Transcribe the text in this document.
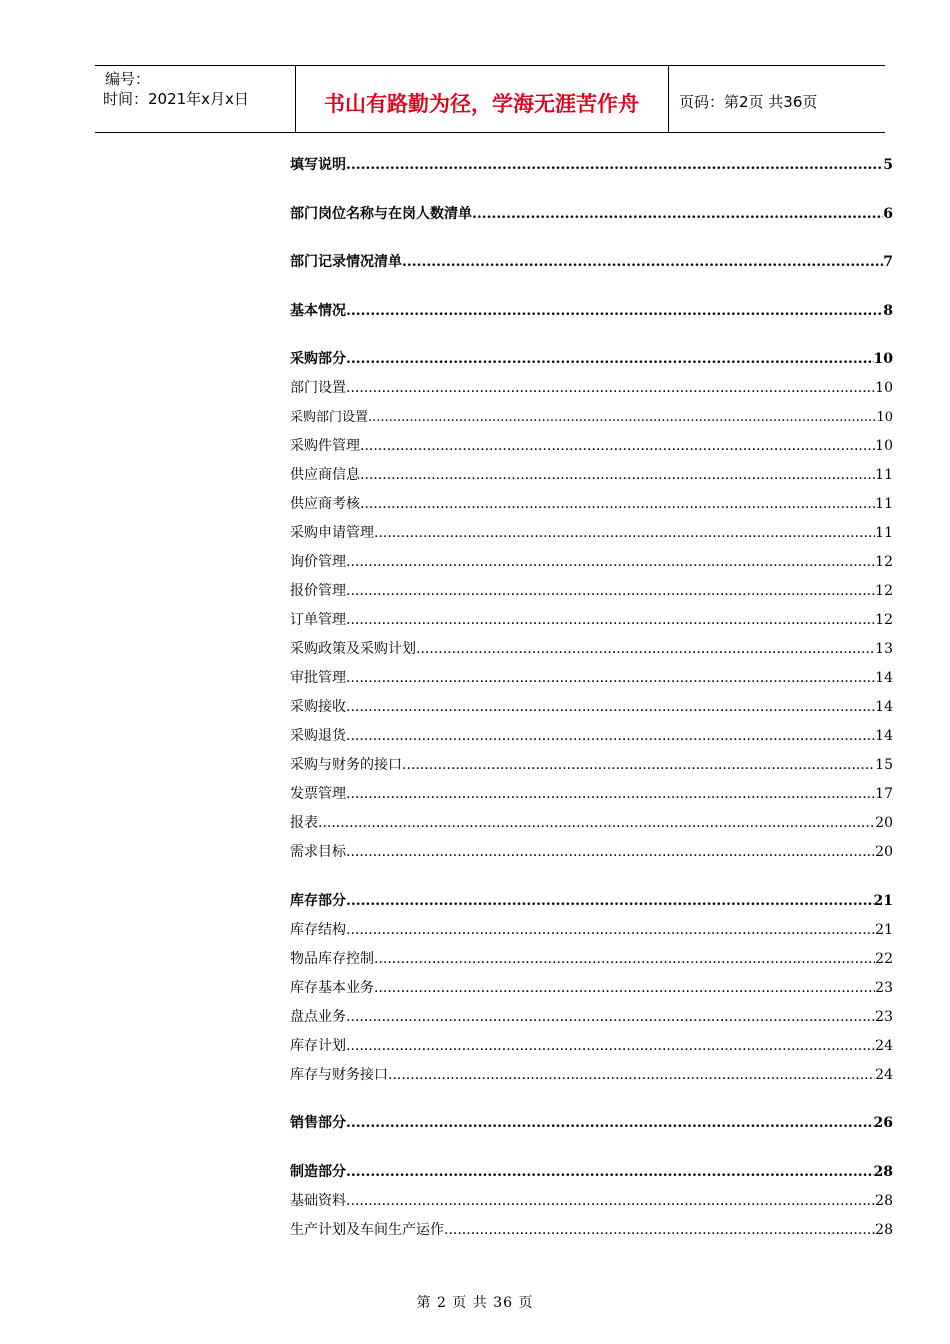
编号：
时间：2021年x月x日	书山有路勤为径，学海无涯苦作舟	页码：第2页 共36页
填写说明 .....	5
部门岗位名称与在岗人数清单 .....	6
部门记录情况清单 .....	7
基本情况 .....	8
采购部分 .....	10
部门设置 .....	10
采购部门设置 .....	10
采购件管理 .....	10
供应商信息 .....	11
供应商考核 .....	11
采购申请管理 .....	11
询价管理 .....	12
报价管理 .....	12
订单管理 .....	12
采购政策及采购计划 .....	13
审批管理 .....	14
采购接收 .....	14
采购退货 .....	14
采购与财务的接口 .....	15
发票管理 .....	17
报表 .....	20
需求目标 .....	20
库存部分 .....	21
库存结构 .....	21
物品库存控制 .....	22
库存基本业务 .....	23
盘点业务 .....	23
库存计划 .....	24
库存与财务接口 .....	24
销售部分 .....	26
制造部分 .....	28
基础资料 .....	28
生产计划及车间生产运作 .....	28
第 2 页 共 36 页
